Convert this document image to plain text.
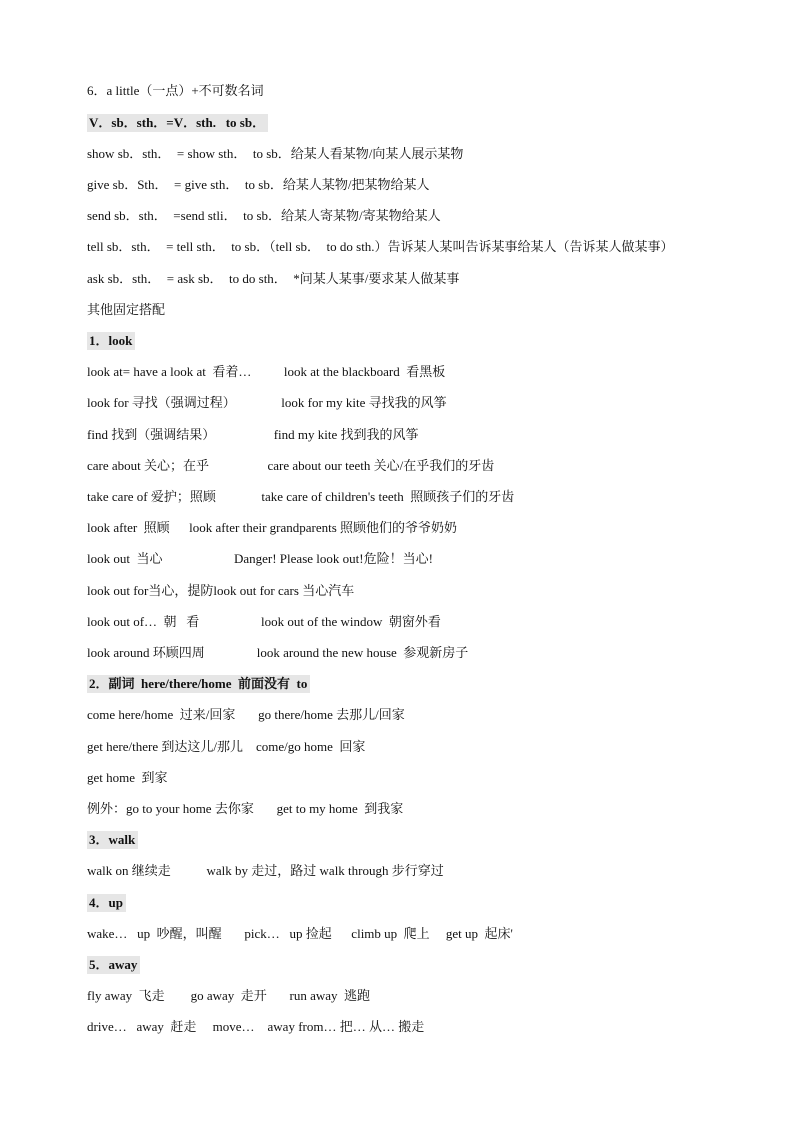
6．a little（一点）+不可数名词
V．sb．sth．=V．sth.   to sb．
show sb．sth．  = show sth．  to sb．给某人看某物/向某人展示某物
give sb．Sth．  = give sth．  to sb．给某人某物/把某物给某人
send sb．sth．  =send stli．  to sb．给某人寄某物/寄某物给某人
tell sb．sth．  = tell sth．  to sb．（tell sb．  to do sth.）告诉某人某叫告诉某事给某人（告诉某人做某事）
ask sb．sth．  = ask sb．  to do sth．  *问某人某事/要求某人做某事
其他固定搭配
1．look
look at= have a look at  看着…          look at the blackboard  看黑板
look for 寻找（强调过程）              look for my kite 寻找我的风筝
find 找到（强调结果）                  find my kite 找到我的风筝
care about 关心；在乎                  care about our teeth 关心/在乎我们的牙齿
take care of 爱护；照顾              take care of children's teeth  照顾孩子们的牙齿
look after  照顾      look after their grandparents 照顾他们的爷爷奶奶
look out  当心                      Danger! Please look out!危险！当心!
look out for当心，提防look out for cars 当心汽车
look out of…  朝   看                   look out of the window  朝窗外看
look around 环顾四周                look around the new house  参观新房子
2．副词  here/there/home  前面没有  to
come here/home  过来/回家       go there/home 去那儿/回家
get here/there 到达这儿/那儿    come/go home  回家
get home  到家
例外：go to your home 去你家       get to my home  到我家
3．walk
walk on 继续走           walk by 走过，路过 walk through 步行穿过
4．up
wake…   up  吵醒，叫醒       pick…   up 捡起      climb up  爬上     get up  起床'
5．away
fly away  飞走        go away  走开       run away  逃跑
drive…   away  赶走     move…    away from… 把… 从… 搬走
